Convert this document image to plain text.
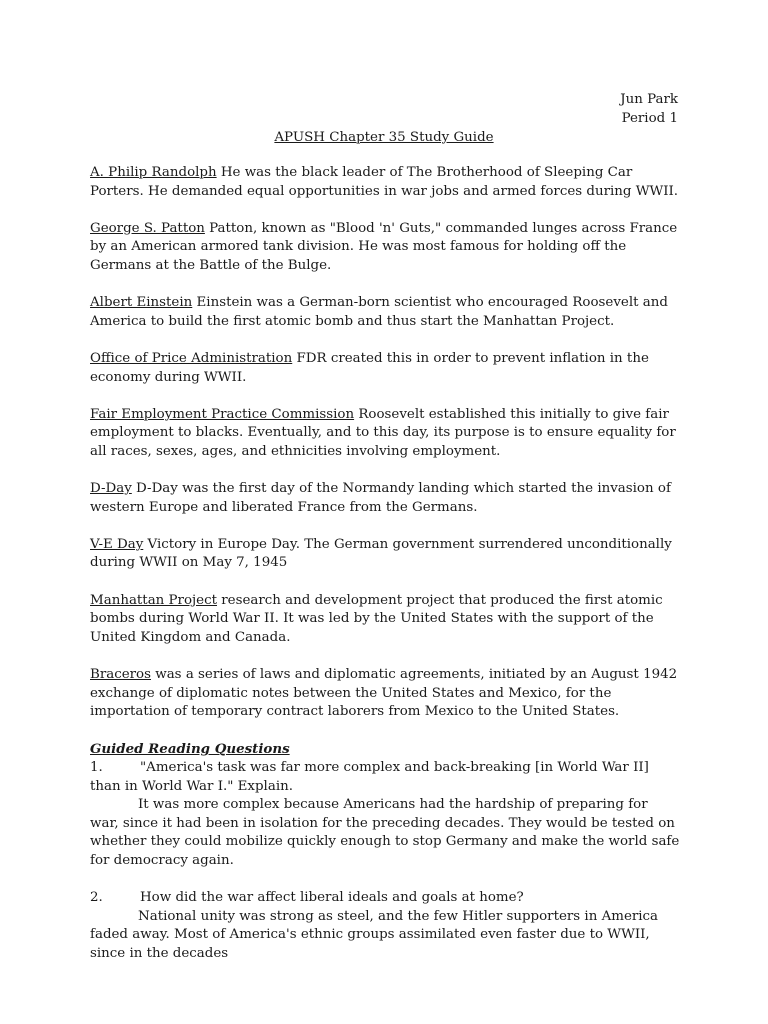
Jun Park
Period 1
APUSH Chapter 35 Study Guide
A. Philip Randolph He was the black leader of The Brotherhood of Sleeping Car Porters. He demanded equal opportunities in war jobs and armed forces during WWII.
George S. Patton Patton, known as "Blood 'n' Guts," commanded lunges across France by an American armored tank division. He was most famous for holding off the Germans at the Battle of the Bulge.
Albert Einstein Einstein was a German-born scientist who encouraged Roosevelt and America to build the first atomic bomb and thus start the Manhattan Project.
Office of Price Administration FDR created this in order to prevent inflation in the economy during WWII.
Fair Employment Practice Commission Roosevelt established this initially to give fair employment to blacks. Eventually, and to this day, its purpose is to ensure equality for all races, sexes, ages, and ethnicities involving employment.
D-Day D-Day was the first day of the Normandy landing which started the invasion of western Europe and liberated France from the Germans.
V-E Day Victory in Europe Day. The German government surrendered unconditionally during WWII on May 7, 1945
Manhattan Project research and development project that produced the first atomic bombs during World War II. It was led by the United States with the support of the United Kingdom and Canada.
Braceros was a series of laws and diplomatic agreements, initiated by an August 1942 exchange of diplomatic notes between the United States and Mexico, for the importation of temporary contract laborers from Mexico to the United States.
Guided Reading Questions
1.	"America's task was far more complex and back-breaking [in World War II] than in World War I." Explain.
It was more complex because Americans had the hardship of preparing for war, since it had been in isolation for the preceding decades. They would be tested on whether they could mobilize quickly enough to stop Germany and make the world safe for democracy again.
2.	How did the war affect liberal ideals and goals at home?
National unity was strong as steel, and the few Hitler supporters in America faded away. Most of America's ethnic groups assimilated even faster due to WWII, since in the decades
